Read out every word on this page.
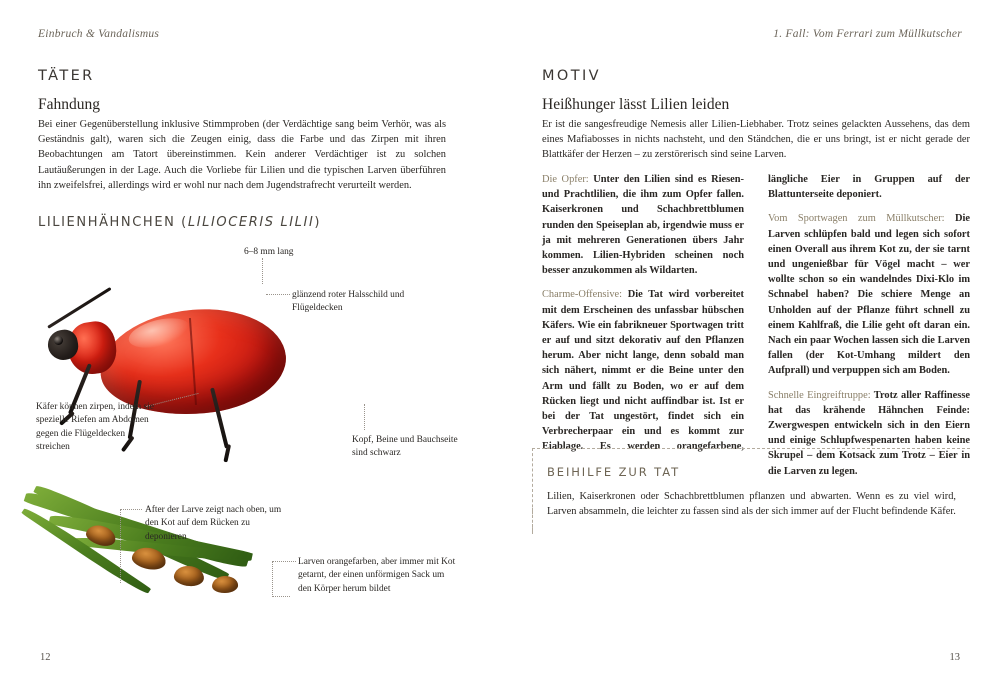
Einbruch & Vandalismus
TÄTER
Fahndung

Bei einer Gegenüberstellung inklusive Stimmproben (der Verdächtige sang beim Verhör, was als Geständnis galt), waren sich die Zeugen einig, dass die Farbe und das Zirpen mit ihren Beobachtungen am Tatort übereinstimmen. Kein anderer Verdächtiger ist zu solchen Lautäußerungen in der Lage. Auch die Vorliebe für Lilien und die typischen Larven überführen ihn zweifelsfrei, allerdings wird er wohl nur nach dem Jugendstrafrecht verurteilt werden.

LILIENHÄHNCHEN (LILIOCERIS LILII)
6–8 mm lang
glänzend roter Halsschild und Flügeldecken
Käfer können zirpen, indem sie spezielle Riefen am Abdomen gegen die Flügeldecken streichen
Kopf, Beine und Bauchseite sind schwarz
After der Larve zeigt nach oben, um den Kot auf dem Rücken zu deponieren
Larven orangefarben, aber immer mit Kot getarnt, der einen unförmigen Sack um den Körper herum bildet
12
1. Fall: Vom Ferrari zum Müllkutscher
MOTIV
Heißhunger lässt Lilien leiden

Er ist die sangesfreudige Nemesis aller Lilien-Liebhaber. Trotz seines gelackten Aussehens, das dem eines Mafiabosses in nichts nachsteht, und den Ständchen, die er uns bringt, ist er nicht gerade der Blattkäfer der Herzen – zu zerstörerisch sind seine Larven.

Die Opfer: Unter den Lilien sind es Riesen- und Prachtlilien, die ihm zum Opfer fallen. Kaiserkronen und Schachbrettblumen runden den Speiseplan ab, irgendwie muss er ja mit mehreren Generationen übers Jahr kommen. Lilien-Hybriden scheinen noch besser anzukommen als Wildarten.

Charme-Offensive: Die Tat wird vorbereitet mit dem Erscheinen des unfassbar hübschen Käfers. Wie ein fabrikneuer Sportwagen tritt er auf und sitzt dekorativ auf den Pflanzen herum. Aber nicht lange, denn sobald man sich nähert, nimmt er die Beine unter den Arm und fällt zu Boden, wo er auf dem Rücken liegt und nicht auffindbar ist. Ist er bei der Tat ungestört, findet sich ein Verbrecherpaar ein und es kommt zur Eiablage. Es werden orangefarbene, längliche Eier in Gruppen auf der Blattunterseite deponiert.

Vom Sportwagen zum Müllkutscher: Die Larven schlüpfen bald und legen sich sofort einen Overall aus ihrem Kot zu, der sie tarnt und ungenießbar für Vögel macht – wer wollte schon so ein wandelndes Dixi-Klo im Schnabel haben? Die schiere Menge an Unholden auf der Pflanze führt schnell zu einem Kahlfraß, die Lilie geht oft daran ein. Nach ein paar Wochen lassen sich die Larven fallen (der Kot-Umhang mildert den Aufprall) und verpuppen sich am Boden.

Schnelle Eingreiftruppe: Trotz aller Raffinesse hat das krähende Hähnchen Feinde: Zwergwespen entwickeln sich in den Eiern und einige Schlupfwespenarten haben keine Skrupel – dem Kotsack zum Trotz – Eier in die Larven zu legen.

BEIHILFE ZUR TAT

Lilien, Kaiserkronen oder Schachbrettblumen pflanzen und abwarten. Wenn es zu viel wird, Larven absammeln, die leichter zu fassen sind als der sich immer auf der Flucht befindende Käfer.

13
